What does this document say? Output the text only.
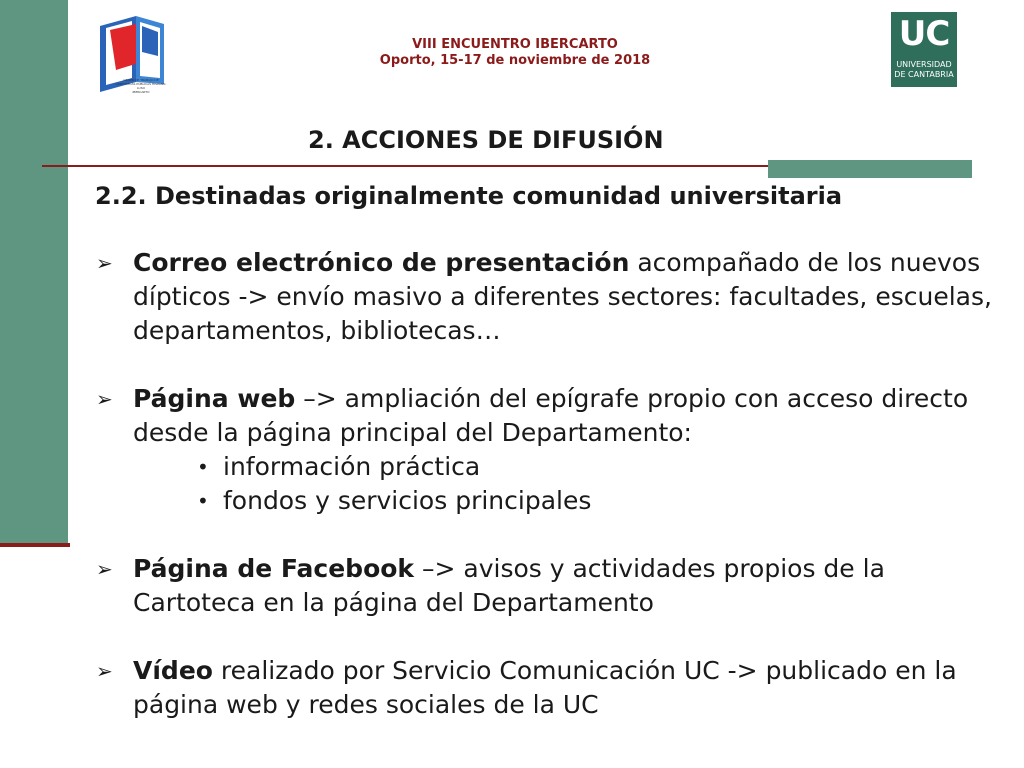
GRUPO DE TRABAJO DE
CARTOTECAS PÚBLICAS HISPANO-LUSO
IBERCARTO
VIII ENCUENTRO IBERCARTO
Oporto, 15-17 de noviembre de 2018
UC
UNIVERSIDAD
DE CANTABRIA
2. ACCIONES DE DIFUSIÓN
2.2. Destinadas originalmente comunidad universitaria
➢ Correo electrónico de presentación acompañado de los nuevos dípticos -> envío masivo a diferentes sectores: facultades, escuelas, departamentos, bibliotecas…
➢ Página web –> ampliación del epígrafe propio con acceso directo desde la página principal del Departamento:
• información práctica
• fondos y servicios principales
➢ Página de Facebook –> avisos y actividades propios de la Cartoteca en la página del Departamento
➢ Vídeo realizado por Servicio Comunicación UC -> publicado en la página web y redes sociales de la UC
